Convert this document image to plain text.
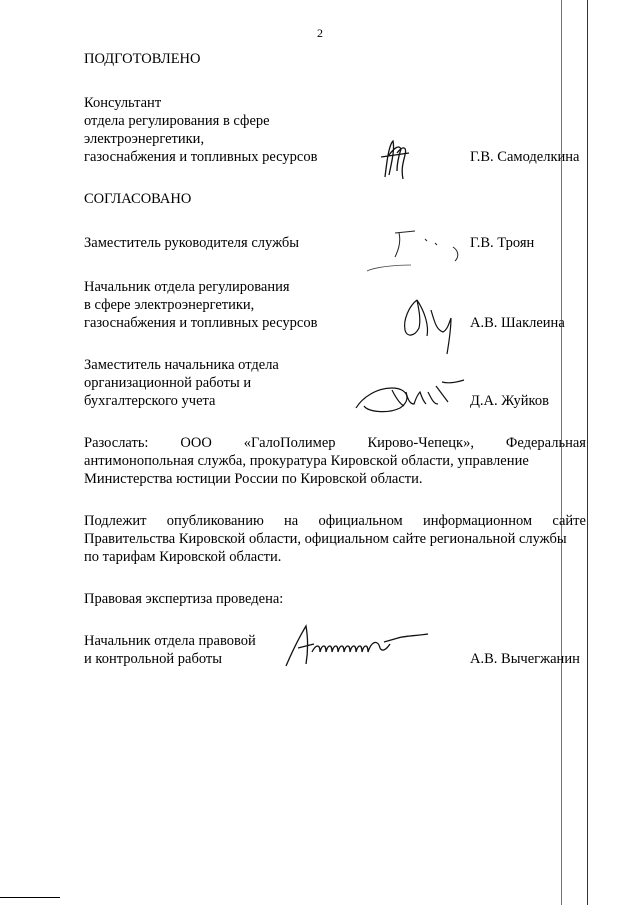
2
ПОДГОТОВЛЕНО
Консультант
отдела регулирования в сфере
электроэнергетики,
газоснабжения и топливных ресурсов	Г.В. Самоделкина
СОГЛАСОВАНО
Заместитель руководителя службы	Г.В. Троян
Начальник отдела регулирования
в сфере электроэнергетики,
газоснабжения и топливных ресурсов	А.В. Шаклеина
Заместитель начальника отдела
организационной работы и
бухгалтерского учета	Д.А. Жуйков
Разослать: ООО «ГалоПолимер Кирово-Чепецк», Федеральная
антимонопольная служба, прокуратура Кировской области, управление
Министерства юстиции России по Кировской области.
Подлежит опубликованию на официальном информационном сайте
Правительства Кировской области, официальном сайте региональной службы
по тарифам Кировской области.
Правовая экспертиза проведена:
Начальник отдела правовой
и контрольной работы	А.В. Вычегжанин
